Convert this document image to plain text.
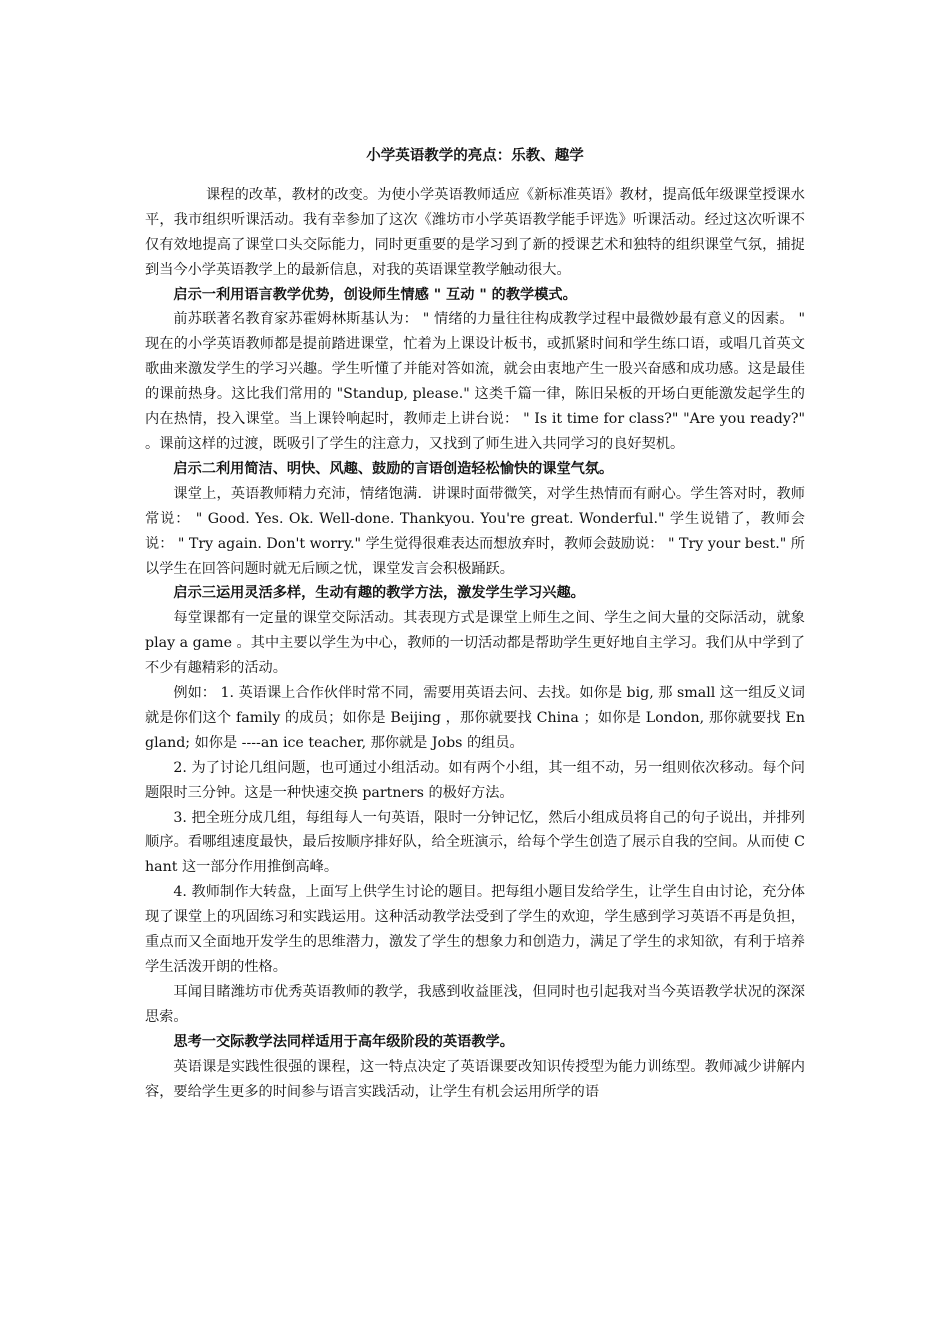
小学英语教学的亮点：乐教、趣学

课程的改革，教材的改变。为使小学英语教师适应《新标准英语》教材，提高低年级课堂授课水平，我市组织听课活动。我有幸参加了这次《潍坊市小学英语教学能手评选》听课活动。经过这次听课不仅有效地提高了课堂口头交际能力，同时更重要的是学习到了新的授课艺术和独特的组织课堂气氛，捕捉到当今小学英语教学上的最新信息，对我的英语课堂教学触动很大。

启示一利用语言教学优势，创设师生情感 " 互动 " 的教学模式。

前苏联著名教育家苏霍姆林斯基认为： " 情绪的力量往往构成教学过程中最微妙最有意义的因素。 " 现在的小学英语教师都是提前踏进课堂，忙着为上课设计板书，或抓紧时间和学生练口语，或唱几首英文歌曲来激发学生的学习兴趣。学生听懂了并能对答如流，就会由衷地产生一股兴奋感和成功感。这是最佳的课前热身。这比我们常用的 "Standup, please." 这类千篇一律，陈旧呆板的开场白更能激发起学生的内在热情，投入课堂。当上课铃响起时，教师走上讲台说： " Is it time for class?" "Are you ready?" 。课前这样的过渡，既吸引了学生的注意力，又找到了师生进入共同学习的良好契机。

启示二利用简洁、明快、风趣、鼓励的言语创造轻松愉快的课堂气氛。

课堂上，英语教师精力充沛，情绪饱满．讲课时面带微笑，对学生热情而有耐心。学生答对时，教师常说： " Good. Yes. Ok. Well-done. Thankyou. You're great. Wonderful." 学生说错了，教师会说： " Try again. Don't worry." 学生觉得很难表达而想放弃时，教师会鼓励说： " Try your best." 所以学生在回答问题时就无后顾之忧，课堂发言会积极踊跃。

启示三运用灵活多样，生动有趣的教学方法，激发学生学习兴趣。

每堂课都有一定量的课堂交际活动。其表现方式是课堂上师生之间、学生之间大量的交际活动，就象 play a game 。其中主要以学生为中心，教师的一切活动都是帮助学生更好地自主学习。我们从中学到了不少有趣精彩的活动。

例如： 1. 英语课上合作伙伴时常不同，需要用英语去问、去找。如你是 big, 那 small 这一组反义词就是你们这个 family 的成员；如你是 Beijing ，那你就要找 China ；如你是 London, 那你就要找 England; 如你是 ----an ice teacher, 那你就是 Jobs 的组员。

2. 为了讨论几组问题，也可通过小组活动。如有两个小组，其一组不动，另一组则依次移动。每个问题限时三分钟。这是一种快速交换 partners 的极好方法。

3. 把全班分成几组，每组每人一句英语，限时一分钟记忆，然后小组成员将自己的句子说出，并排列顺序。看哪组速度最快，最后按顺序排好队，给全班演示，给每个学生创造了展示自我的空间。从而使 Chant 这一部分作用推倒高峰。

4. 教师制作大转盘，上面写上供学生讨论的题目。把每组小题目发给学生，让学生自由讨论，充分体现了课堂上的巩固练习和实践运用。这种活动教学法受到了学生的欢迎，学生感到学习英语不再是负担，重点而又全面地开发学生的思维潜力，激发了学生的想象力和创造力，满足了学生的求知欲，有利于培养学生活泼开朗的性格。

耳闻目睹潍坊市优秀英语教师的教学，我感到收益匪浅，但同时也引起我对当今英语教学状况的深深思索。

思考一交际教学法同样适用于高年级阶段的英语教学。

英语课是实践性很强的课程，这一特点决定了英语课要改知识传授型为能力训练型。教师减少讲解内容，要给学生更多的时间参与语言实践活动，让学生有机会运用所学的语
